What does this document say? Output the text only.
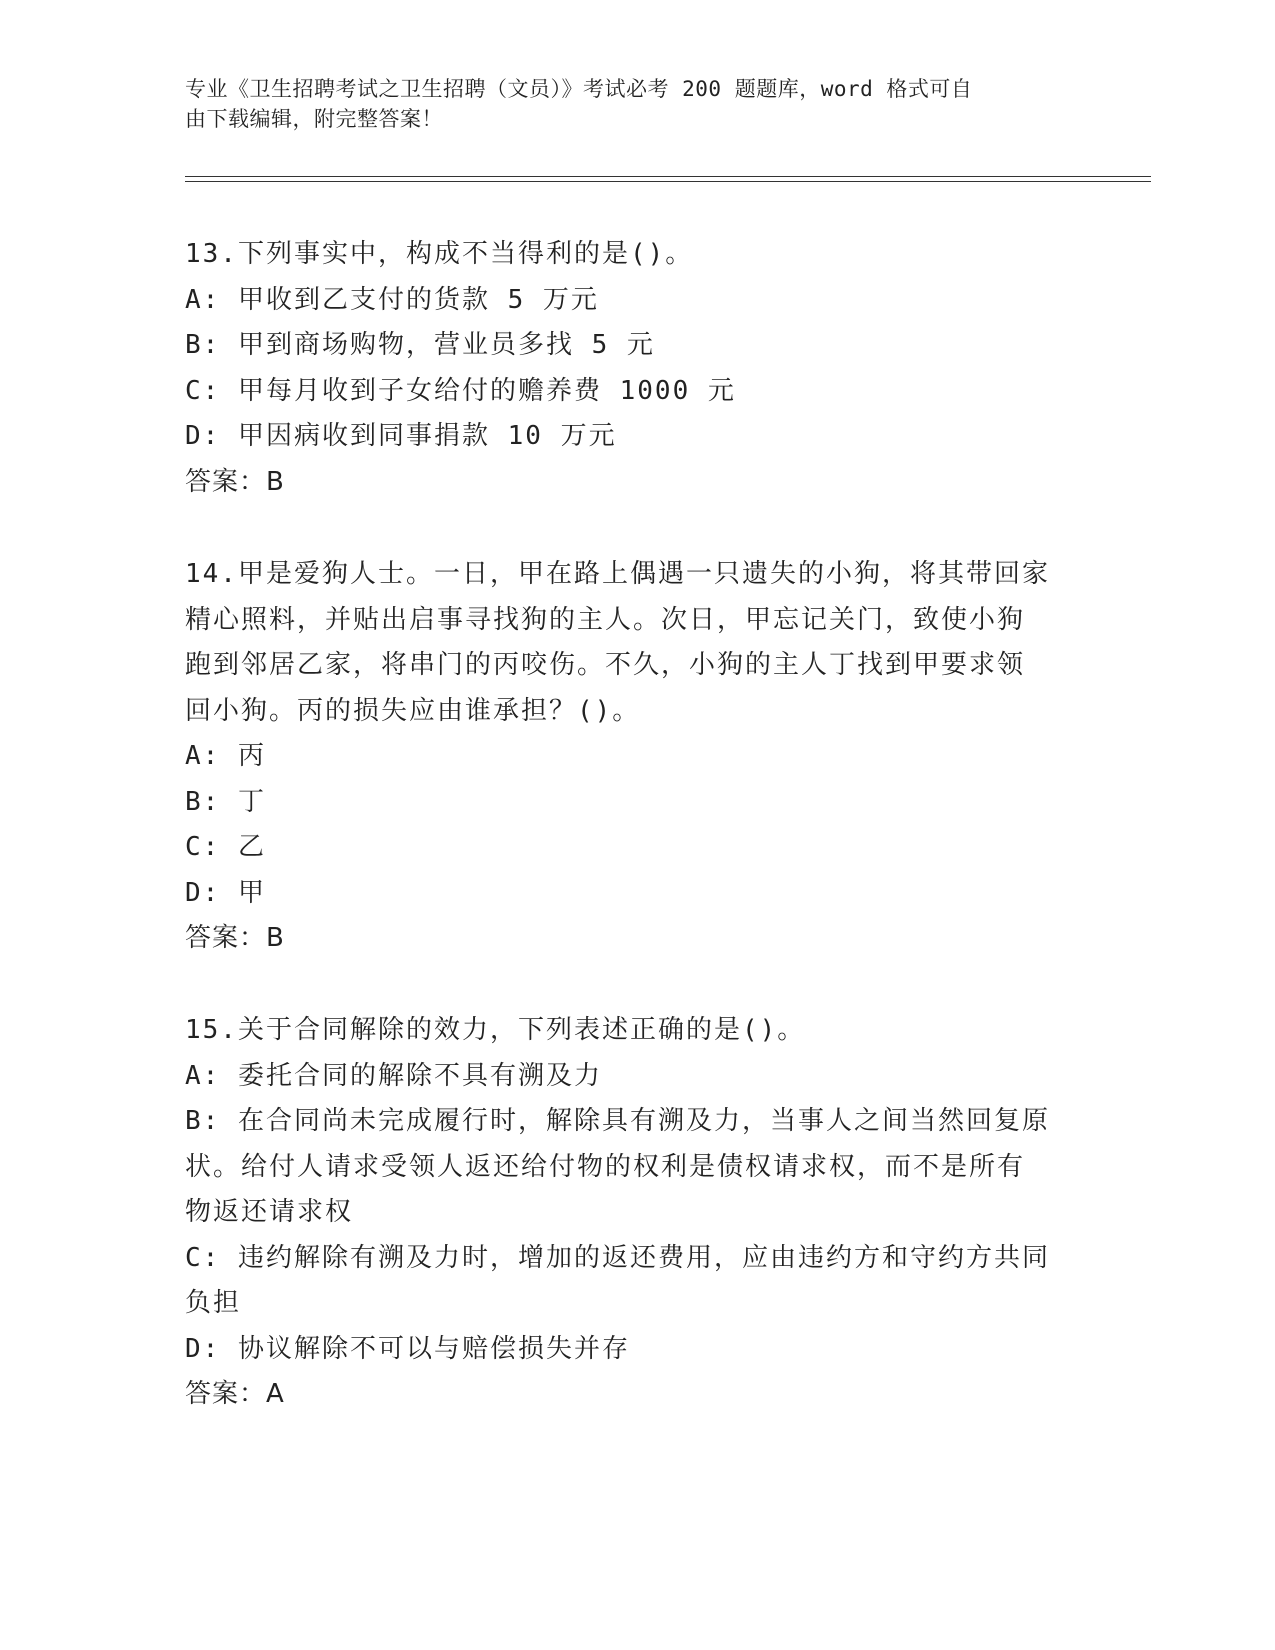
专业《卫生招聘考试之卫生招聘（文员）》考试必考 200 题题库，word 格式可自
由下载编辑，附完整答案！
13.下列事实中，构成不当得利的是()。
A: 甲收到乙支付的货款 5 万元
B: 甲到商场购物，营业员多找 5 元
C: 甲每月收到子女给付的赡养费 1000 元
D: 甲因病收到同事捐款 10 万元
答案：B
14.甲是爱狗人士。一日，甲在路上偶遇一只遗失的小狗，将其带回家
精心照料，并贴出启事寻找狗的主人。次日，甲忘记关门，致使小狗
跑到邻居乙家，将串门的丙咬伤。不久，小狗的主人丁找到甲要求领
回小狗。丙的损失应由谁承担？()。
A: 丙
B: 丁
C: 乙
D: 甲
答案：B
15.关于合同解除的效力，下列表述正确的是()。
A: 委托合同的解除不具有溯及力
B: 在合同尚未完成履行时，解除具有溯及力，当事人之间当然回复原
状。给付人请求受领人返还给付物的权利是债权请求权，而不是所有
物返还请求权
C: 违约解除有溯及力时，增加的返还费用，应由违约方和守约方共同
负担
D: 协议解除不可以与赔偿损失并存
答案：A
